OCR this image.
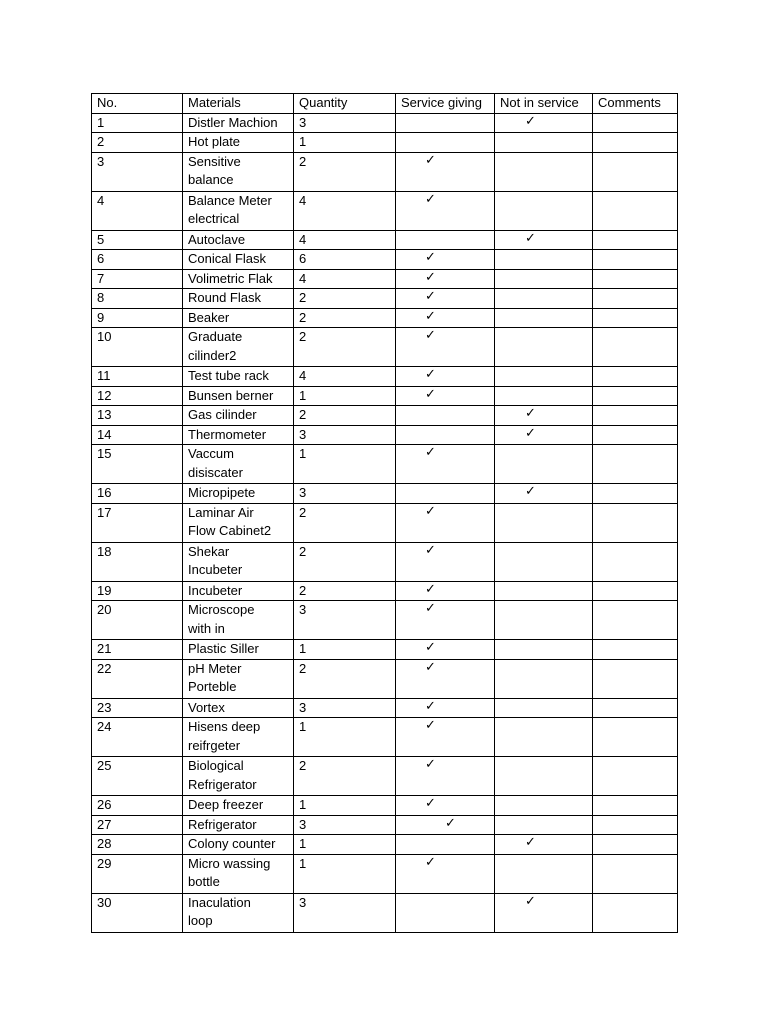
No.	Materials	Quantity	Service giving	Not in service	Comments
1	Distler Machion	3		✓	

2	Hot plate	1			
3	Sensitive
balance	2	✓		

4	Balance Meter
electrical	4	✓		

5	Autoclave	4		✓	

6	Conical Flask	6	✓		

7	Volimetric Flak	4	✓		

8	Round Flask	2	✓		

9	Beaker	2	✓		

10	Graduate
cilinder2	2	✓		

11	Test tube rack	4	✓		

12	Bunsen berner	1	✓		

13	Gas cilinder	2		✓	

14	Thermometer	3		✓	

15	Vaccum
disiscater	1	✓		

16	Micropipete	3		✓	

17	Laminar Air
Flow Cabinet2	2	✓		

18	Shekar
Incubeter	2	✓		

19	Incubeter	2	✓		

20	Microscope
with in	3	✓		

21	Plastic Siller	1	✓		

22	pH Meter
Porteble	2	✓		

23	Vortex	3	✓		

24	Hisens deep
reifrgeter	1	✓		

25	Biological
Refrigerator	2	✓		

26	Deep freezer	1	✓		

27	Refrigerator	3	✓		

28	Colony counter	1		✓	

29	Micro wassing
bottle	1	✓		

30	Inaculation
loop	3		✓	
